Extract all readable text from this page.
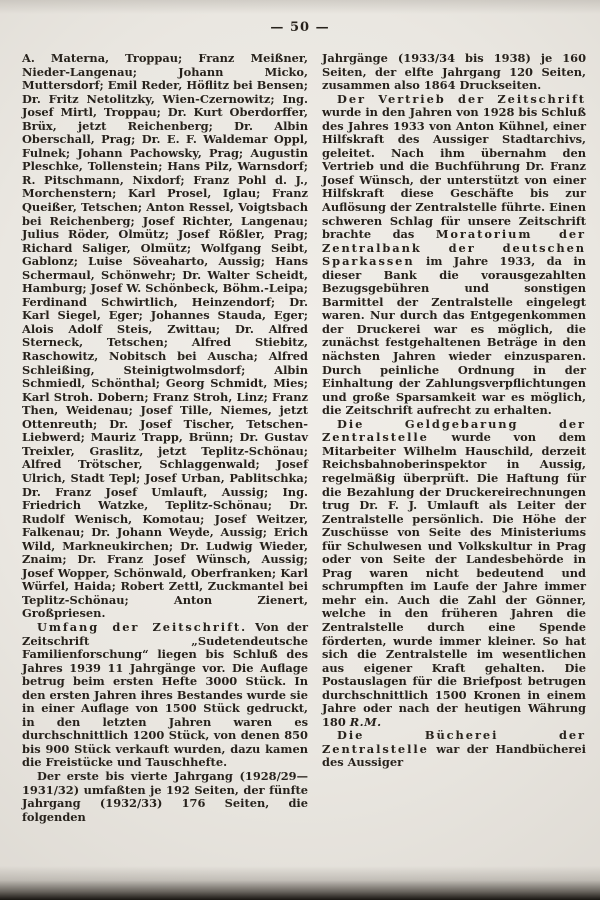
— 50 —

A. Materna, Troppau; Franz Meißner, Nieder-Langenau; Johann Micko, Muttersdorf; Emil Reder, Höflitz bei Bensen; Dr. Fritz Netolitzky, Wien-Czernowitz; Ing. Josef Mirtl, Troppau; Dr. Kurt Oberdorffer, Brüx, jetzt Reichenberg; Dr. Albin Oberschall, Prag; Dr. E. F. Waldemar Oppl, Fulnek; Johann Pachowsky, Prag; Augustin Pleschke, Tollenstein; Hans Pilz, Warnsdorf; R. Pitschmann, Nixdorf; Franz Pohl d. J., Morchenstern; Karl Prosel, Iglau; Franz Queißer, Tetschen; Anton Ressel, Voigtsbach bei Reichenberg; Josef Richter, Langenau; Julius Röder, Olmütz; Josef Rößler, Prag; Richard Saliger, Olmütz; Wolfgang Seibt, Gablonz; Luise Söveaharto, Aussig; Hans Schermaul, Schönwehr; Dr. Walter Scheidt, Hamburg; Josef W. Schönbeck, Böhm.-Leipa; Ferdinand Schwirtlich, Heinzendorf; Dr. Karl Siegel, Eger; Johannes Stauda, Eger; Alois Adolf Steis, Zwittau; Dr. Alfred Sterneck, Tetschen; Alfred Stiebitz, Raschowitz, Nobitsch bei Auscha; Alfred Schleißing, Steinigtwolmsdorf; Albin Schmiedl, Schönthal; Georg Schmidt, Mies; Karl Stroh. Dobern; Franz Stroh, Linz; Franz Then, Weidenau; Josef Tille, Niemes, jetzt Ottenreuth; Dr. Josef Tischer, Tetschen-Liebwerd; Mauriz Trapp, Brünn; Dr. Gustav Treixler, Graslitz, jetzt Teplitz-Schönau; Alfred Trötscher, Schlaggenwald; Josef Ulrich, Stadt Tepl; Josef Urban, Pablitschka; Dr. Franz Josef Umlauft, Aussig; Ing. Friedrich Watzke, Teplitz-Schönau; Dr. Rudolf Wenisch, Komotau; Josef Weitzer, Falkenau; Dr. Johann Weyde, Aussig; Erich Wild, Markneukirchen; Dr. Ludwig Wieder, Znaim; Dr. Franz Josef Wünsch, Aussig; Josef Wopper, Schönwald, Oberfranken; Karl Würfel, Haida; Robert Zettl, Zuckmantel bei Teplitz-Schönau; Anton Zienert, Großpriesen.

Umfang der Zeitschrift. Von der Zeitschrift „Sudetendeutsche Familienforschung“ liegen bis Schluß des Jahres 1939 11 Jahrgänge vor. Die Auflage betrug beim ersten Hefte 3000 Stück. In den ersten Jahren ihres Bestandes wurde sie in einer Auflage von 1500 Stück gedruckt, in den letzten Jahren waren es durchschnittlich 1200 Stück, von denen 850 bis 900 Stück verkauft wurden, dazu kamen die Freistücke und Tauschhefte.

Der erste bis vierte Jahrgang (1928/29—1931/32) umfaßten je 192 Seiten, der fünfte Jahrgang (1932/33) 176 Seiten, die folgenden

Jahrgänge (1933/34 bis 1938) je 160 Seiten, der elfte Jahrgang 120 Seiten, zusammen also 1864 Druckseiten.

Der Vertrieb der Zeitschrift wurde in den Jahren von 1928 bis Schluß des Jahres 1933 von Anton Kühnel, einer Hilfskraft des Aussiger Stadtarchivs, geleitet. Nach ihm übernahm den Vertrieb und die Buchführung Dr. Franz Josef Wünsch, der unterstützt von einer Hilfskraft diese Geschäfte bis zur Auflösung der Zentralstelle führte. Einen schweren Schlag für unsere Zeitschrift brachte das Moratorium der Zentralbank der deutschen Sparkassen im Jahre 1933, da in dieser Bank die vorausgezahlten Bezugsgebühren und sonstigen Barmittel der Zentralstelle eingelegt waren. Nur durch das Entgegenkommen der Druckerei war es möglich, die zunächst festgehaltenen Beträge in den nächsten Jahren wieder einzusparen. Durch peinliche Ordnung in der Einhaltung der Zahlungsverpflichtungen und große Sparsamkeit war es möglich, die Zeitschrift aufrecht zu erhalten.

Die Geldgebarung der Zentralstelle wurde von dem Mitarbeiter Wilhelm Hauschild, derzeit Reichsbahnoberinspektor in Aussig, regelmäßig überprüft. Die Haftung für die Bezahlung der Druckereirechnungen trug Dr. F. J. Umlauft als Leiter der Zentralstelle persönlich. Die Höhe der Zuschüsse von Seite des Ministeriums für Schulwesen und Volkskultur in Prag oder von Seite der Landesbehörde in Prag waren nicht bedeutend und schrumpften im Laufe der Jahre immer mehr ein. Auch die Zahl der Gönner, welche in den früheren Jahren die Zentralstelle durch eine Spende förderten, wurde immer kleiner. So hat sich die Zentralstelle im wesentlichen aus eigener Kraft gehalten. Die Postauslagen für die Briefpost betrugen durchschnittlich 1500 Kronen in einem Jahre oder nach der heutigen Währung 180 R.M.

Die Bücherei der Zentralstelle war der Handbücherei des Aussiger
